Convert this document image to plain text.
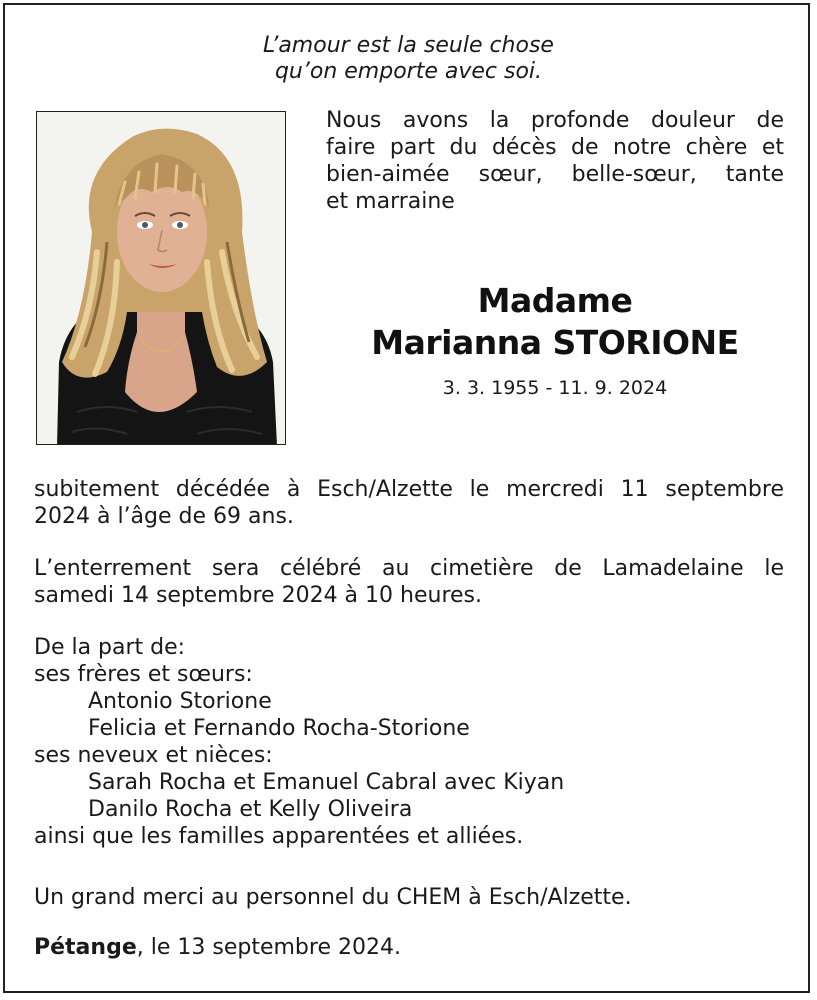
L’amour est la seule chose
qu’on emporte avec soi.
Nous avons la profonde douleur de
faire part du décès de notre chère et
bien-aimée sœur, belle-sœur, tante
et marraine
Madame
Marianna STORIONE
3. 3. 1955 - 11. 9. 2024
subitement décédée à Esch/Alzette le mercredi 11 septembre
2024 à l’âge de 69 ans.
L’enterrement sera célébré au cimetière de Lamadelaine le
samedi 14 septembre 2024 à 10 heures.
De la part de:
ses frères et sœurs:
Antonio Storione
Felicia et Fernando Rocha-Storione
ses neveux et nièces:
Sarah Rocha et Emanuel Cabral avec Kiyan
Danilo Rocha et Kelly Oliveira
ainsi que les familles apparentées et alliées.
Un grand merci au personnel du CHEM à Esch/Alzette.
Pétange, le 13 septembre 2024.
